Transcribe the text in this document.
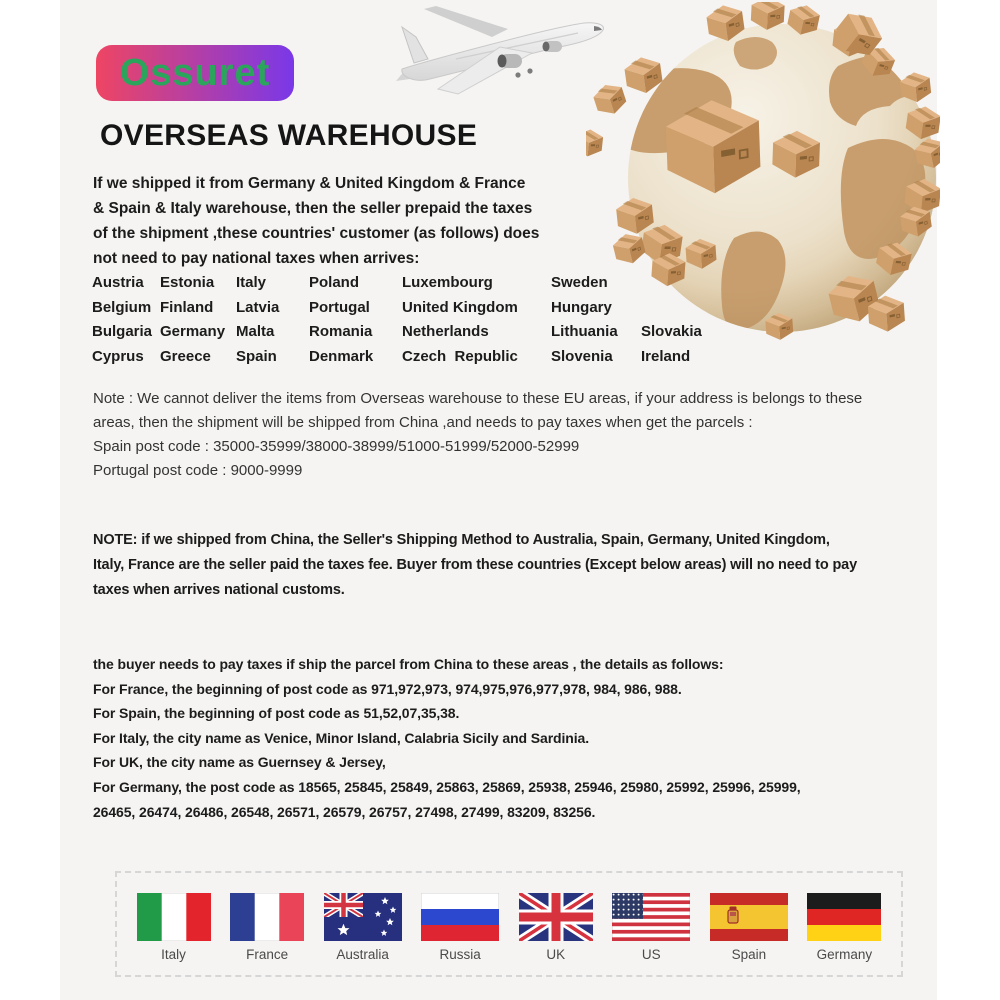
Ossuret
OVERSEAS WAREHOUSE
If we shipped it from Germany & United Kingdom & France
& Spain & Italy warehouse, then the seller prepaid the taxes
of the shipment ,these countries' customer (as follows) does
not need to pay national taxes when arrives:
Austria	Estonia	Italy	Poland	Luxembourg	Sweden
Belgium Finland	Latvia	Portugal	United Kingdom	Hungary
Bulgaria Germany Malta	Romania	Netherlands	Lithuania	Slovakia
Cyprus	Greece	Spain	Denmark	Czech  Republic	Slovenia	Ireland
Note : We cannot deliver the items from Overseas warehouse to these EU areas, if your address is belongs to these
areas, then the shipment will be shipped from China ,and needs to pay taxes when get the parcels :
Spain post code : 35000-35999/38000-38999/51000-51999/52000-52999
Portugal post code : 9000-9999
NOTE: if we shipped from China, the Seller's Shipping Method to Australia, Spain, Germany, United Kingdom,
Italy, France are the seller paid the taxes fee. Buyer from these countries (Except below areas) will no need to pay
taxes when arrives national customs.
the buyer needs to pay taxes if ship the parcel from China to these areas , the details as follows:
For France, the beginning of post code as 971,972,973, 974,975,976,977,978, 984, 986, 988.
For Spain, the beginning of post code as 51,52,07,35,38.
For Italy, the city name as Venice, Minor Island, Calabria Sicily and Sardinia.
For UK, the city name as Guernsey & Jersey,
For Germany, the post code as 18565, 25845, 25849, 25863, 25869, 25938, 25946, 25980, 25992, 25996, 25999,
26465, 26474, 26486, 26548, 26571, 26579, 26757, 27498, 27499, 83209, 83256.
Italy	France	Australia	Russia	UK	US	Spain	Germany
